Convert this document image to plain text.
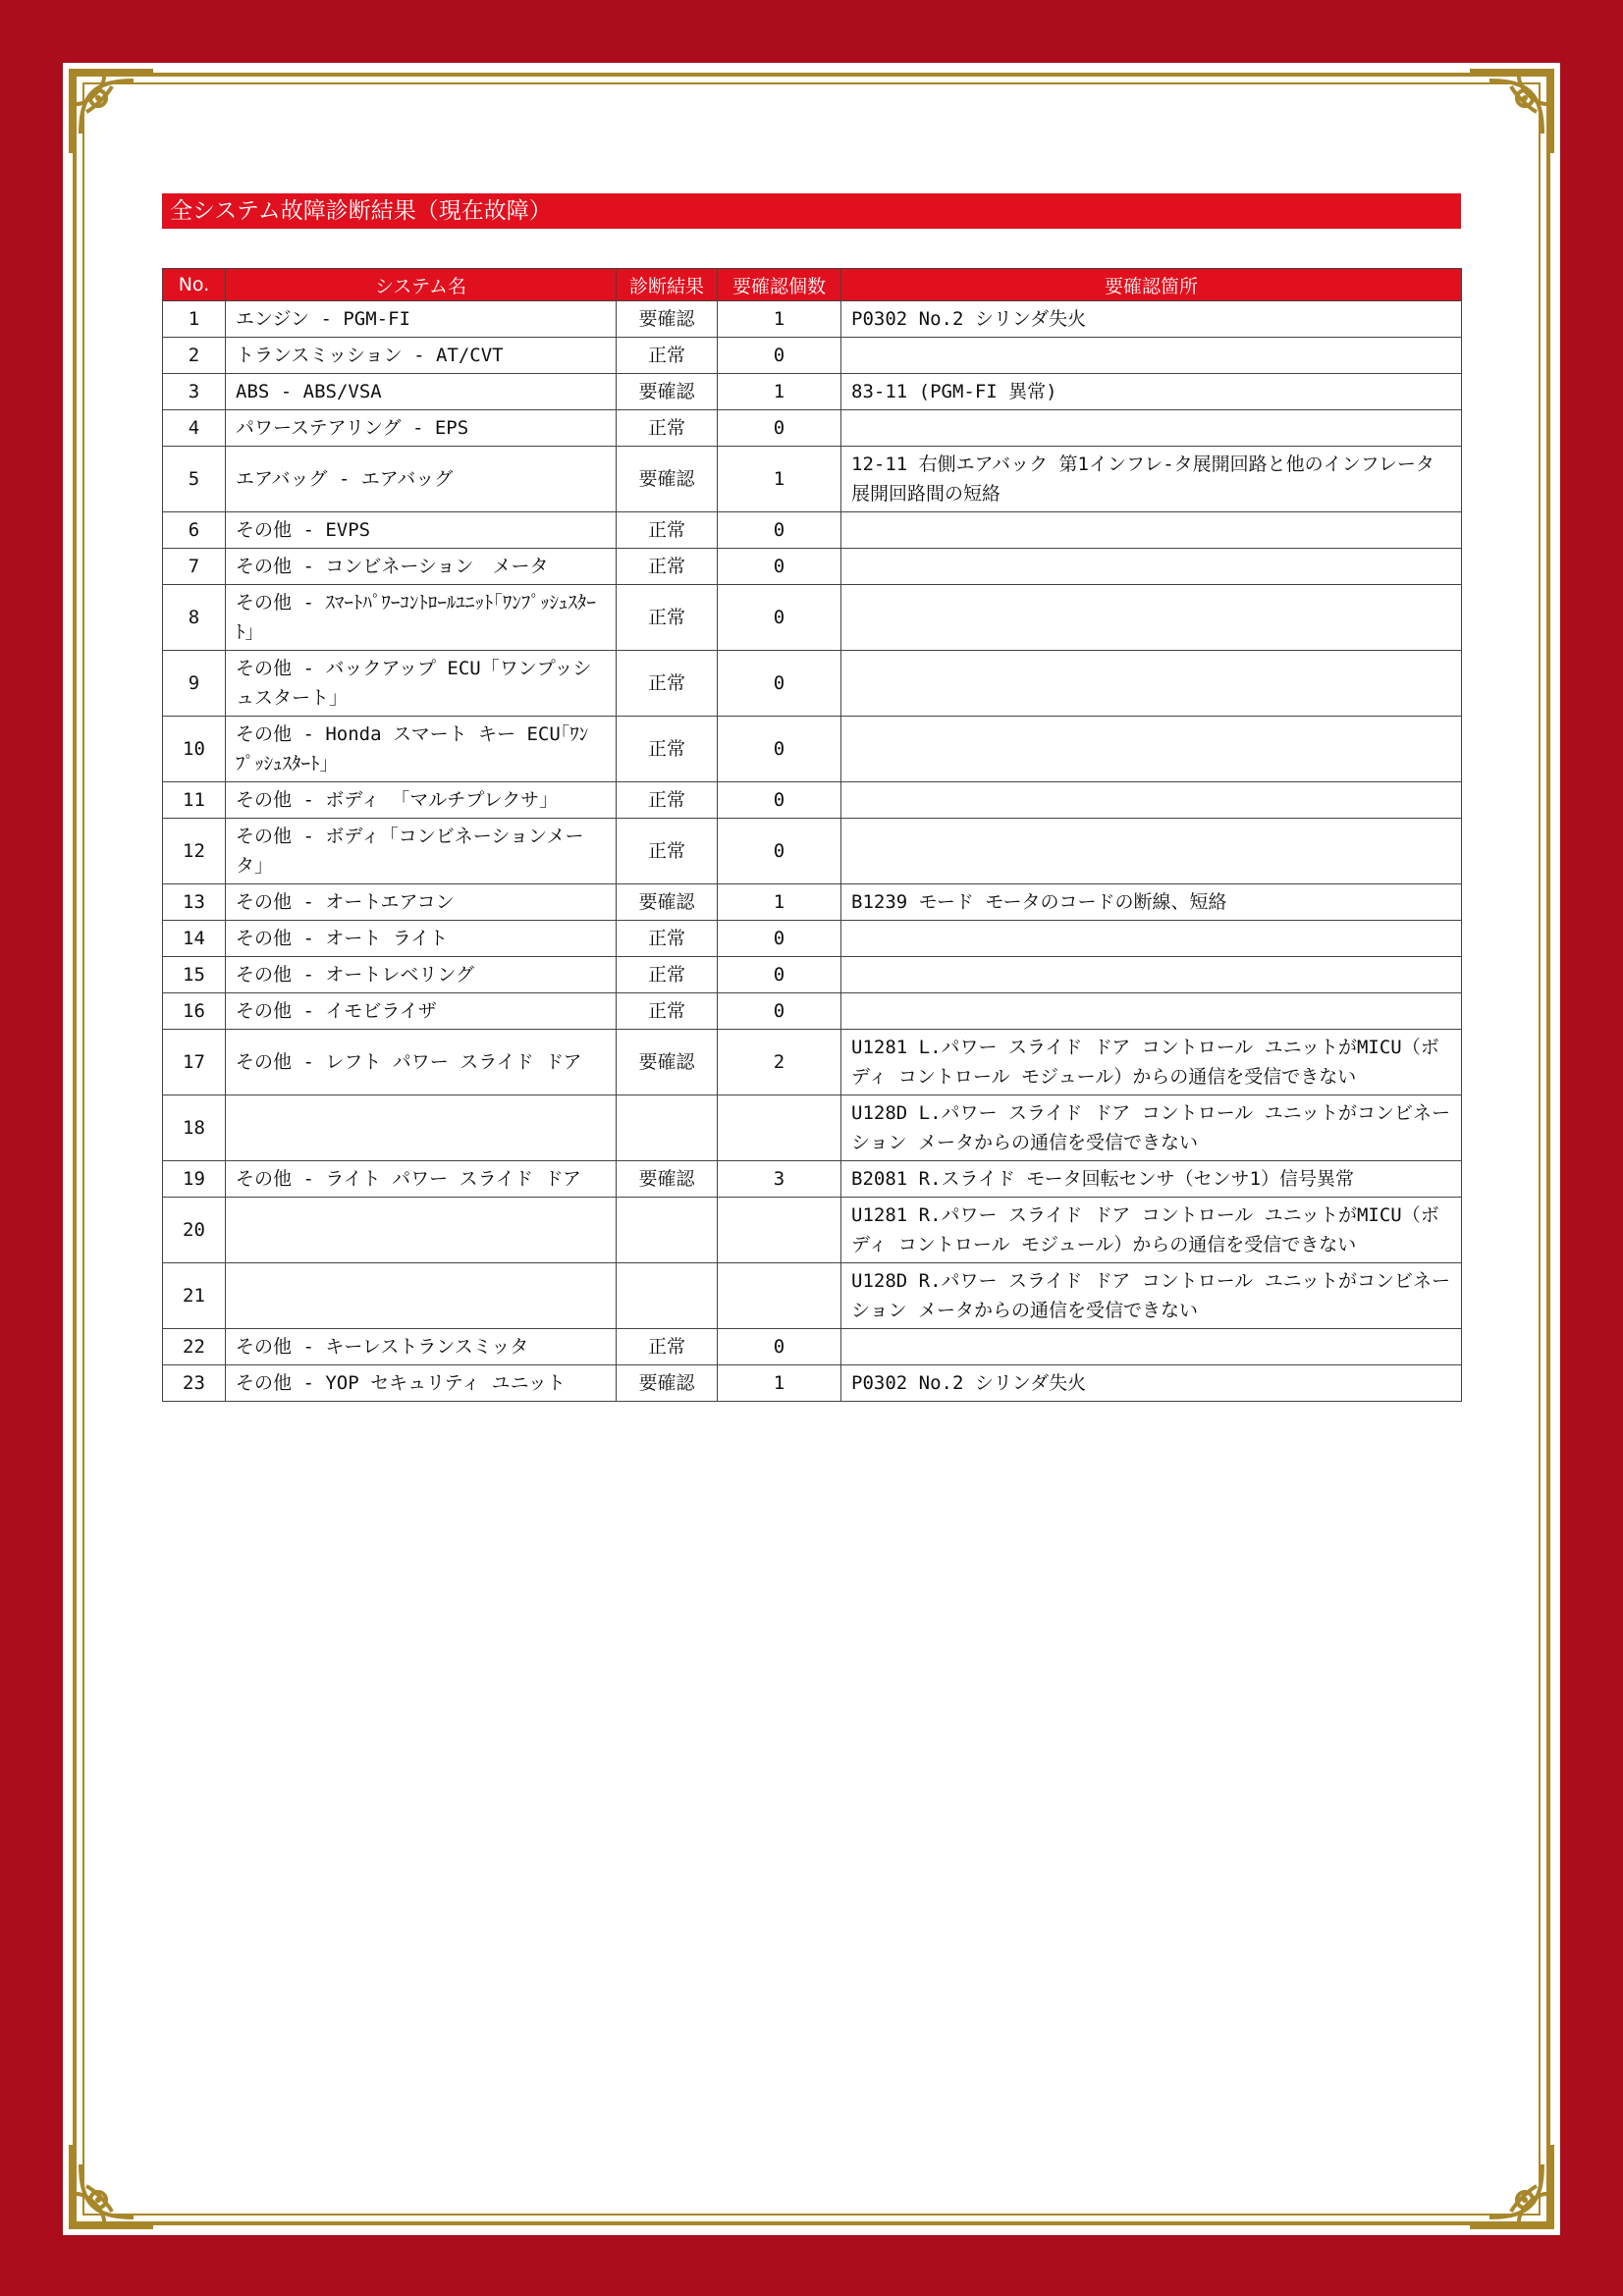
全システム故障診断結果（現在故障）
No.	システム名	診断結果	要確認個数	要確認箇所
1	エンジン - PGM-FI	要確認	1	P0302 No.2 シリンダ失火
2	トランスミッション - AT/CVT	正常	0	
3	ABS - ABS/VSA	要確認	1	83-11 (PGM-FI 異常)
4	パワーステアリング - EPS	正常	0	
5	エアバッグ - エアバッグ	要確認	1	12-11 右側エアバック 第1インフレ-タ展開回路と他のインフレータ展開回路間の短絡
6	その他 - EVPS	正常	0	
7	その他 - コンビネーション　メータ	正常	0	
8	その他 - ｽﾏｰﾄﾊﾟﾜｰｺﾝﾄﾛｰﾙﾕﾆｯﾄ｢ﾜﾝﾌﾟｯｼｭｽﾀｰﾄ｣	正常	0	
9	その他 - バックアップ ECU「ワンプッシュスタート」	正常	0	
10	その他 - Honda スマート キー ECU｢ﾜﾝﾌﾟｯｼｭｽﾀｰﾄ｣	正常	0	
11	その他 - ボディ 「マルチプレクサ」	正常	0	
12	その他 - ボディ「コンビネーションメータ」	正常	0	
13	その他 - オートエアコン	要確認	1	B1239 モード モータのコードの断線、短絡
14	その他 - オート ライト	正常	0	
15	その他 - オートレベリング	正常	0	
16	その他 - イモビライザ	正常	0	
17	その他 - レフト パワー スライド ドア	要確認	2	U1281 L.パワー スライド ドア コントロール ユニットがMICU（ボディ コントロール モジュール）からの通信を受信できない
18				U128D L.パワー スライド ドア コントロール ユニットがコンビネーション メータからの通信を受信できない
19	その他 - ライト パワー スライド ドア	要確認	3	B2081 R.スライド モータ回転センサ（センサ1）信号異常
20				U1281 R.パワー スライド ドア コントロール ユニットがMICU（ボディ コントロール モジュール）からの通信を受信できない
21				U128D R.パワー スライド ドア コントロール ユニットがコンビネーション メータからの通信を受信できない
22	その他 - キーレストランスミッタ	正常	0	
23	その他 - YOP セキュリティ ユニット	要確認	1	P0302 No.2 シリンダ失火
